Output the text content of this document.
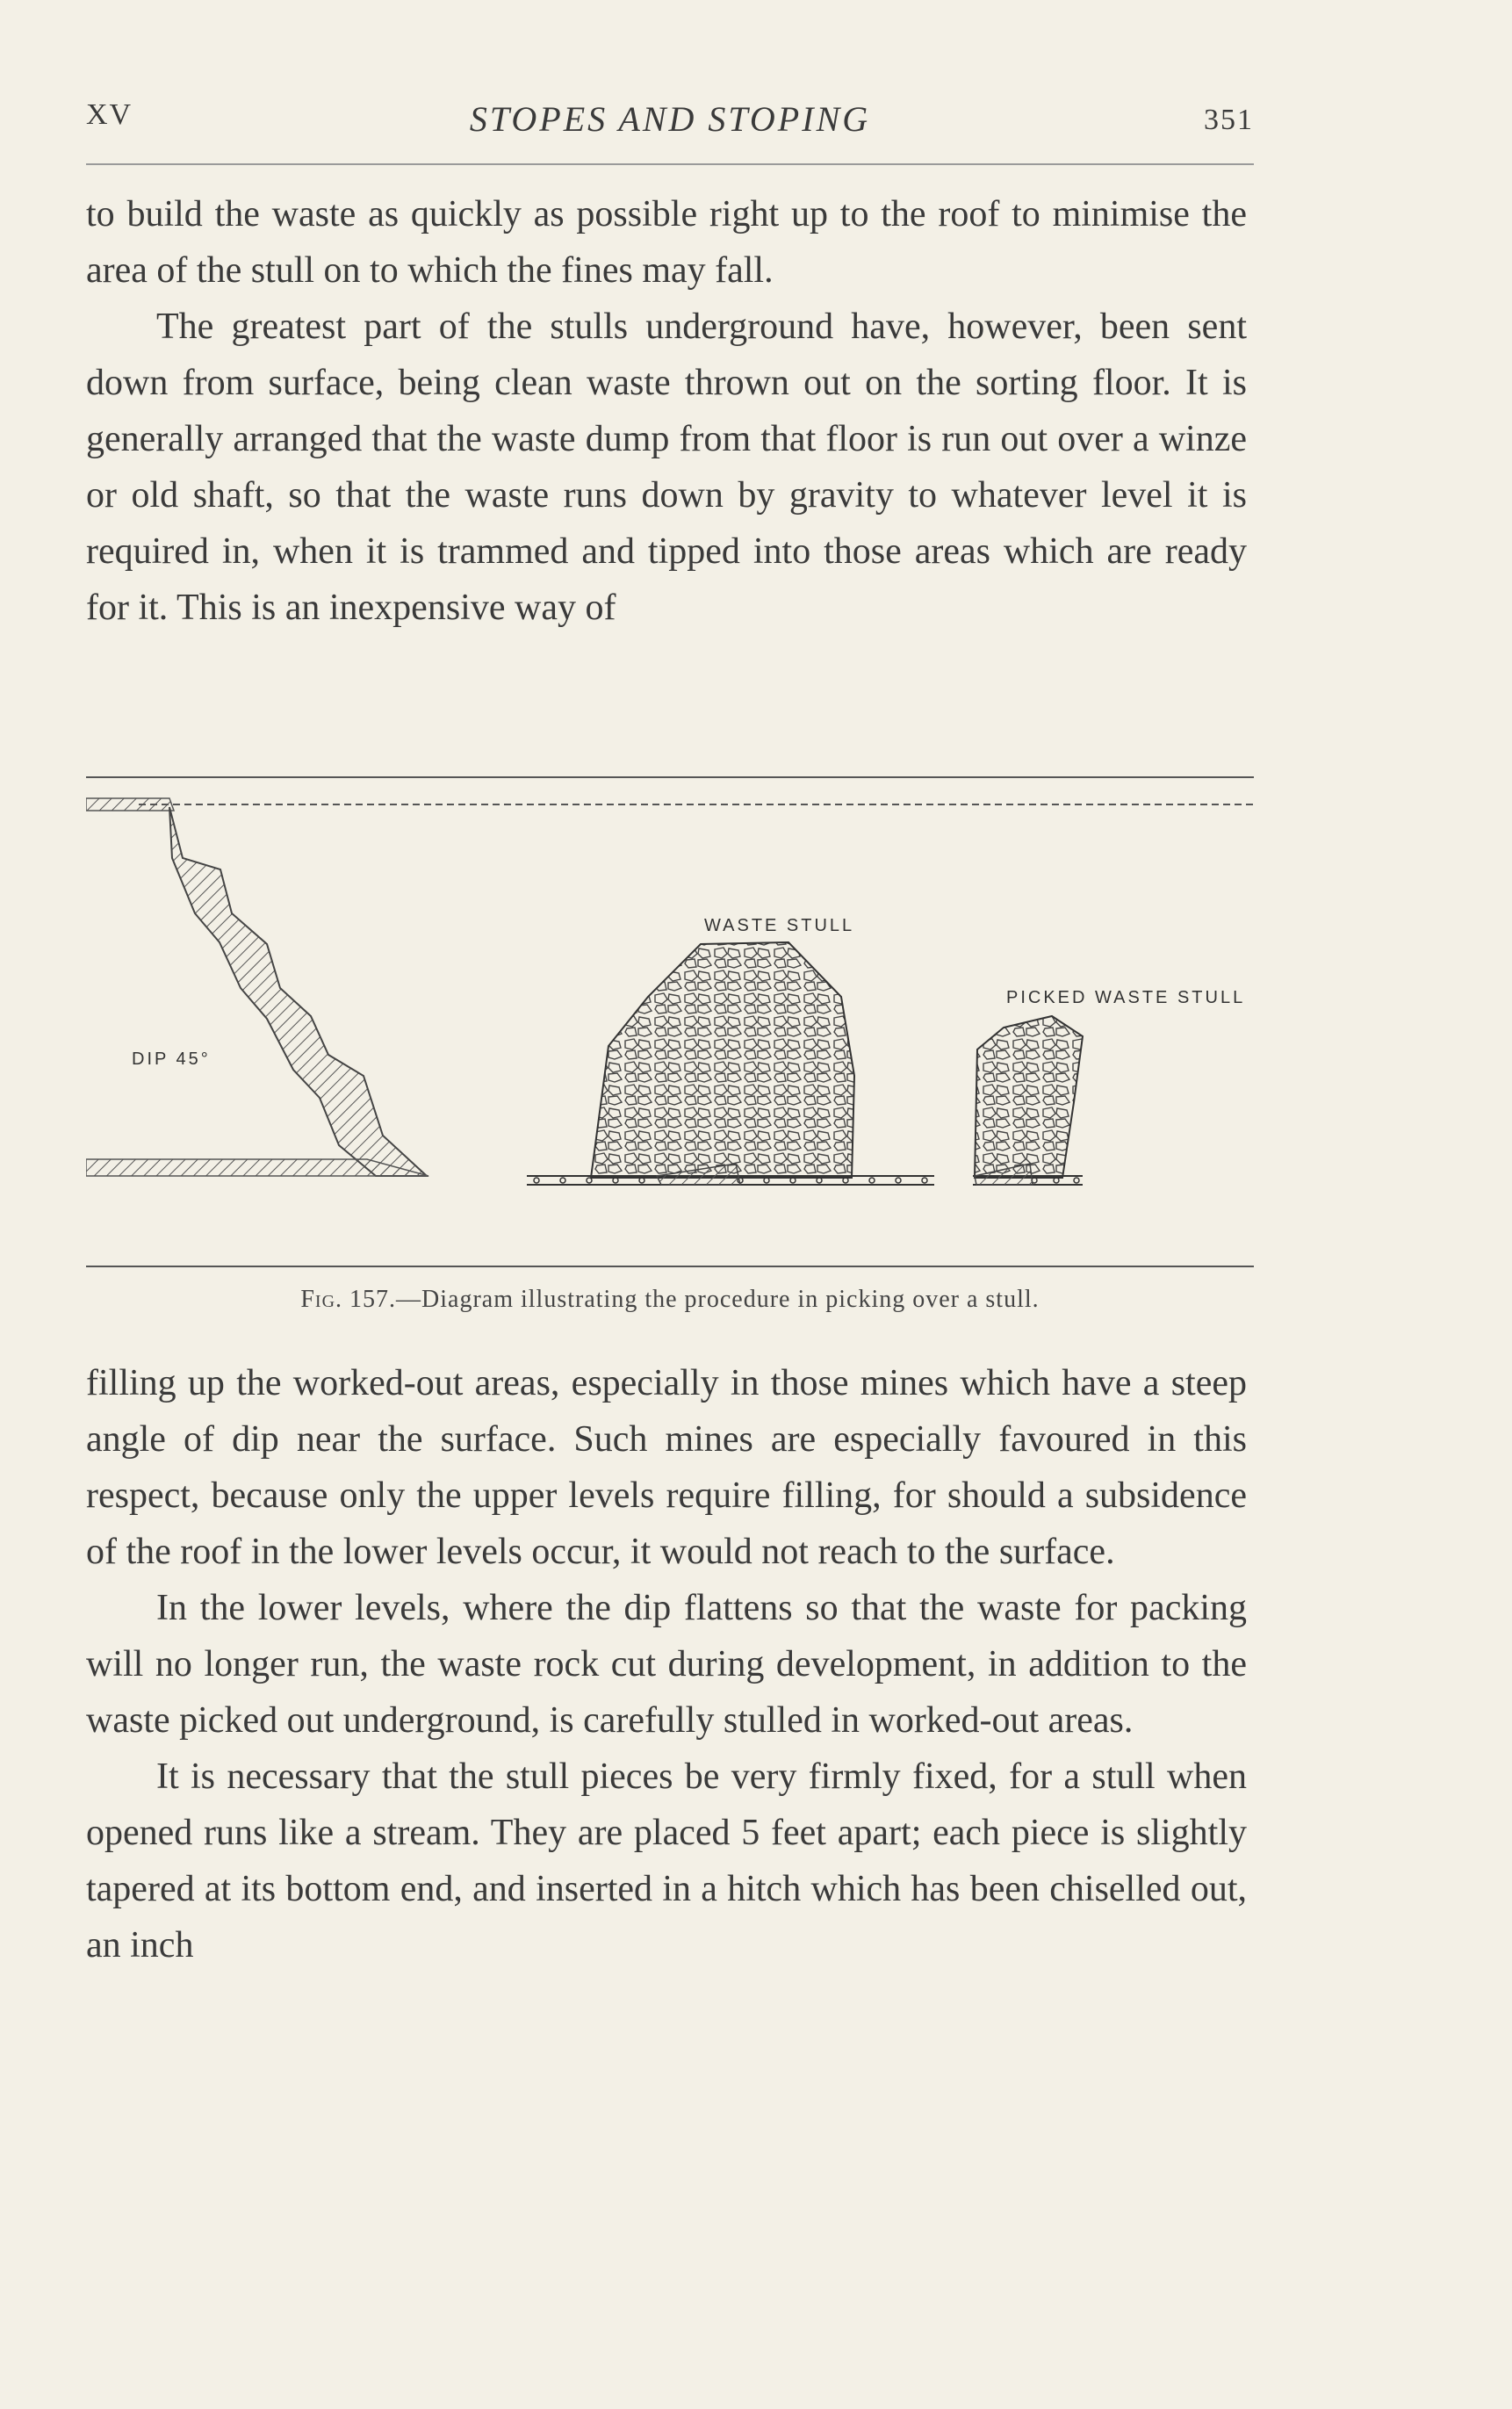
XV	STOPES AND STOPING	351

to build the waste as quickly as possible right up to the roof to minimise the area of the stull on to which the fines may fall.

The greatest part of the stulls underground have, however, been sent down from surface, being clean waste thrown out on the sorting floor. It is generally arranged that the waste dump from that floor is run out over a winze or old shaft, so that the waste runs down by gravity to whatever level it is required in, when it is trammed and tipped into those areas which are ready for it. This is an inexpensive way of

DIP 45°
WASTE STULL
PICKED WASTE STULL
Fig. 157.—Diagram illustrating the procedure in picking over a stull.

filling up the worked-out areas, especially in those mines which have a steep angle of dip near the surface. Such mines are especially favoured in this respect, because only the upper levels require filling, for should a subsidence of the roof in the lower levels occur, it would not reach to the surface.

In the lower levels, where the dip flattens so that the waste for packing will no longer run, the waste rock cut during development, in addition to the waste picked out underground, is carefully stulled in worked-out areas.

It is necessary that the stull pieces be very firmly fixed, for a stull when opened runs like a stream. They are placed 5 feet apart; each piece is slightly tapered at its bottom end, and inserted in a hitch which has been chiselled out, an inch
